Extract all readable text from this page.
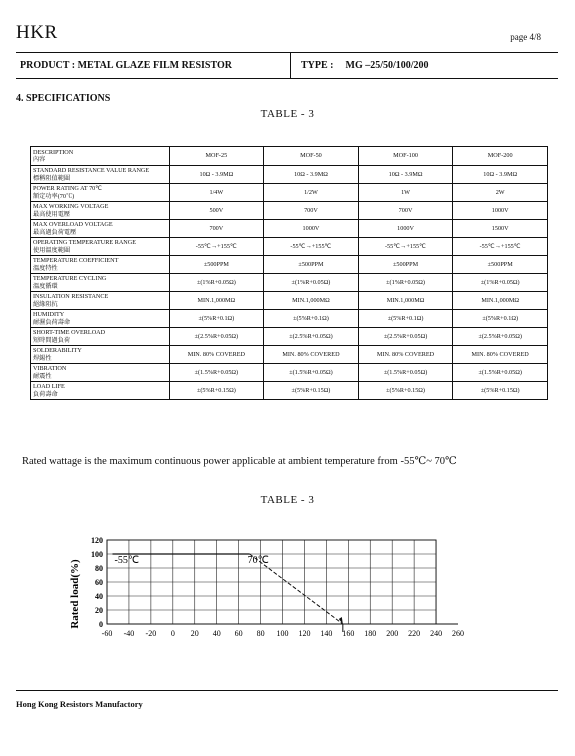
HKR	page 4/8
PRODUCT : METAL GLAZE FILM RESISTOR	TYPE : MG –25/50/100/200
4. SPECIFICATIONS
TABLE - 3
DESCRIPTION
內容	MOF-25	MOF-50	MOF-100	MOF-200

STANDARD RESISTANCE VALUE RANGE
標稱阻值範圍	10Ω - 3.9MΩ	10Ω - 3.9MΩ	10Ω - 3.9MΩ	10Ω - 3.9MΩ

POWER RATING AT 70℃
額定功率(70℃)	1/4W	1/2W	1W	2W

MAX WORKING VOLTAGE
最高使用電壓	500V	700V	700V	1000V

MAX OVERLOAD VOLTAGE
最高過負荷電壓	700V	1000V	1000V	1500V

OPERATING TEMPERATURE RANGE
使用溫度範圍	-55℃→+155℃	-55℃→+155℃	-55℃→+155℃	-55℃→+155℃

TEMPERATURE COEFFICIENT
溫度特性	±500PPM	±500PPM	±500PPM	±500PPM

TEMPERATURE CYCLING
溫度循環	±(1%R+0.05Ω)	±(1%R+0.05Ω)	±(1%R+0.05Ω)	±(1%R+0.05Ω)

INSULATION RESISTANCE
絕緣阻抗	MIN.1,000MΩ	MIN.1,000MΩ	MIN.1,000MΩ	MIN.1,000MΩ

HUMIDITY
耐濕負荷壽命	±(5%R+0.1Ω)	±(5%R+0.1Ω)	±(5%R+0.1Ω)	±(5%R+0.1Ω)

SHORT-TIME OVERLOAD
短時間過負荷	±(2.5%R+0.05Ω)	±(2.5%R+0.05Ω)	±(2.5%R+0.05Ω)	±(2.5%R+0.05Ω)

SOLDERABILITY
焊錫性	MIN. 80% COVERED	MIN. 80% COVERED	MIN. 80% COVERED	MIN. 80% COVERED

VIBRATION
耐震性	±(1.5%R+0.05Ω)	±(1.5%R+0.05Ω)	±(1.5%R+0.05Ω)	±(1.5%R+0.05Ω)

LOAD LIFE
負荷壽命	±(5%R+0.15Ω)	±(5%R+0.15Ω)	±(5%R+0.15Ω)	±(5%R+0.15Ω)
Rated wattage is the maximum continuous power applicable at ambient temperature from -55℃~ 70℃
TABLE - 3
-60 -40 -20 0 20 40 60 80 100 120 140 160 180 200 220 240 260
0
20
40
60
80
100
120
-55℃	70℃
Rated load(%)
Hong Kong Resistors Manufactory
